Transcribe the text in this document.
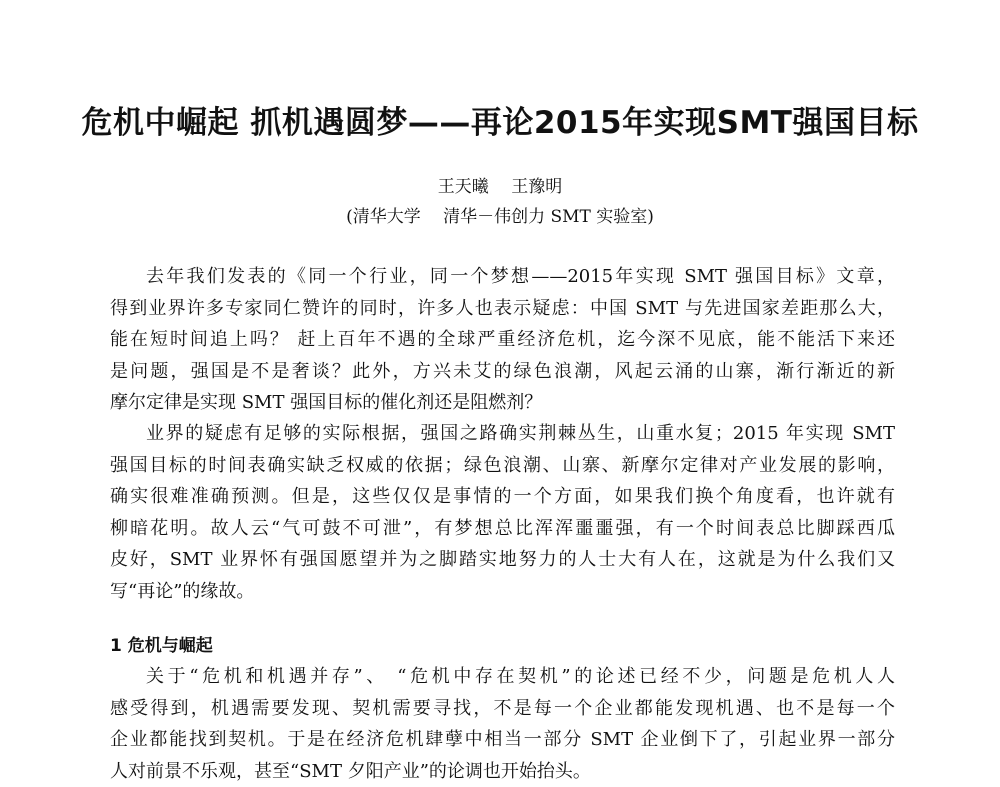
危机中崛起 抓机遇圆梦——再论2015年实现SMT强国目标
王天曦　 王豫明
(清华大学　 清华－伟创力 SMT 实验室)
去年我们发表的《同一个行业，同一个梦想——2015年实现 SMT 强国目标》文章，
得到业界许多专家同仁赞许的同时，许多人也表示疑虑：中国 SMT 与先进国家差距那么大，
能在短时间追上吗？ 赶上百年不遇的全球严重经济危机，迄今深不见底，能不能活下来还
是问题，强国是不是奢谈？此外，方兴未艾的绿色浪潮，风起云涌的山寨，渐行渐近的新
摩尔定律是实现 SMT 强国目标的催化剂还是阻燃剂？
业界的疑虑有足够的实际根据，强国之路确实荆棘丛生，山重水复；2015 年实现 SMT
强国目标的时间表确实缺乏权威的依据；绿色浪潮、山寨、新摩尔定律对产业发展的影响，
确实很难准确预测。但是，这些仅仅是事情的一个方面，如果我们换个角度看，也许就有
柳暗花明。故人云“气可鼓不可泄”，有梦想总比浑浑噩噩强，有一个时间表总比脚踩西瓜
皮好，SMT 业界怀有强国愿望并为之脚踏实地努力的人士大有人在，这就是为什么我们又
写“再论”的缘故。
1 危机与崛起
关于“危机和机遇并存”、 “危机中存在契机”的论述已经不少，问题是危机人人
感受得到，机遇需要发现、契机需要寻找，不是每一个企业都能发现机遇、也不是每一个
企业都能找到契机。于是在经济危机肆孽中相当一部分 SMT 企业倒下了，引起业界一部分
人对前景不乐观，甚至“SMT 夕阳产业”的论调也开始抬头。
